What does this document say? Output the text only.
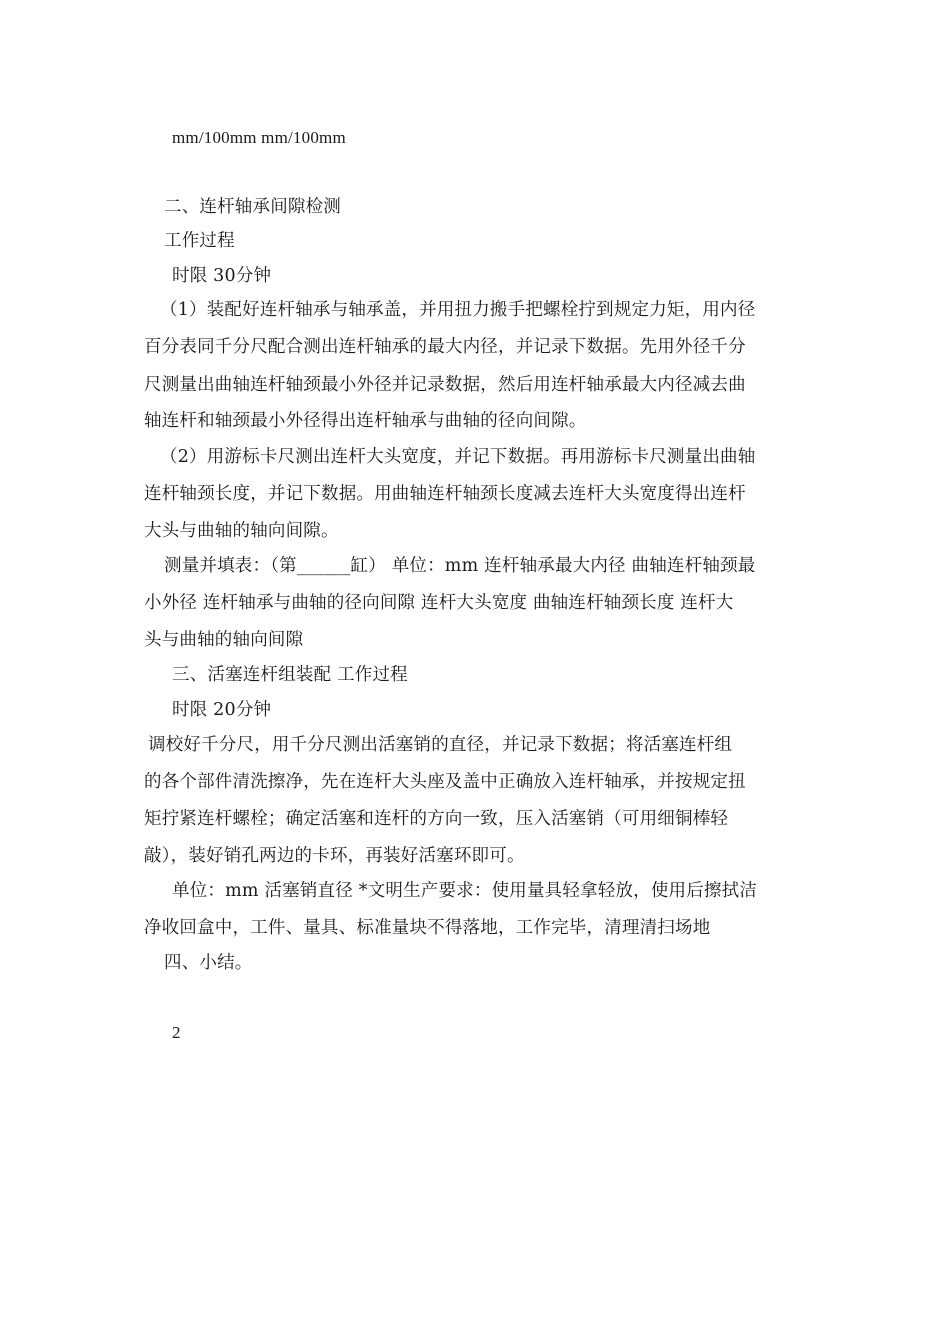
mm/100mm mm/100mm
二、连杆轴承间隙检测
工作过程
时限 30分钟
（1）装配好连杆轴承与轴承盖，并用扭力搬手把螺栓拧到规定力矩，用内径
百分表同千分尺配合测出连杆轴承的最大内径，并记录下数据。先用外径千分
尺测量出曲轴连杆轴颈最小外径并记录数据，然后用连杆轴承最大内径减去曲
轴连杆和轴颈最小外径得出连杆轴承与曲轴的径向间隙。
（2）用游标卡尺测出连杆大头宽度，并记下数据。再用游标卡尺测量出曲轴
连杆轴颈长度，并记下数据。用曲轴连杆轴颈长度减去连杆大头宽度得出连杆
大头与曲轴的轴向间隙。
测量并填表：（第______缸） 单位：mm 连杆轴承最大内径 曲轴连杆轴颈最
小外径 连杆轴承与曲轴的径向间隙 连杆大头宽度 曲轴连杆轴颈长度 连杆大
头与曲轴的轴向间隙
三、活塞连杆组装配 工作过程
时限 20分钟
调校好千分尺，用千分尺测出活塞销的直径，并记录下数据；将活塞连杆组
的各个部件清洗擦净，先在连杆大头座及盖中正确放入连杆轴承，并按规定扭
矩拧紧连杆螺栓；确定活塞和连杆的方向一致，压入活塞销（可用细铜棒轻
敲），装好销孔两边的卡环，再装好活塞环即可。
单位：mm 活塞销直径 *文明生产要求：使用量具轻拿轻放，使用后擦拭洁
净收回盒中，工件、量具、标准量块不得落地，工作完毕，清理清扫场地
四、小结。
2
